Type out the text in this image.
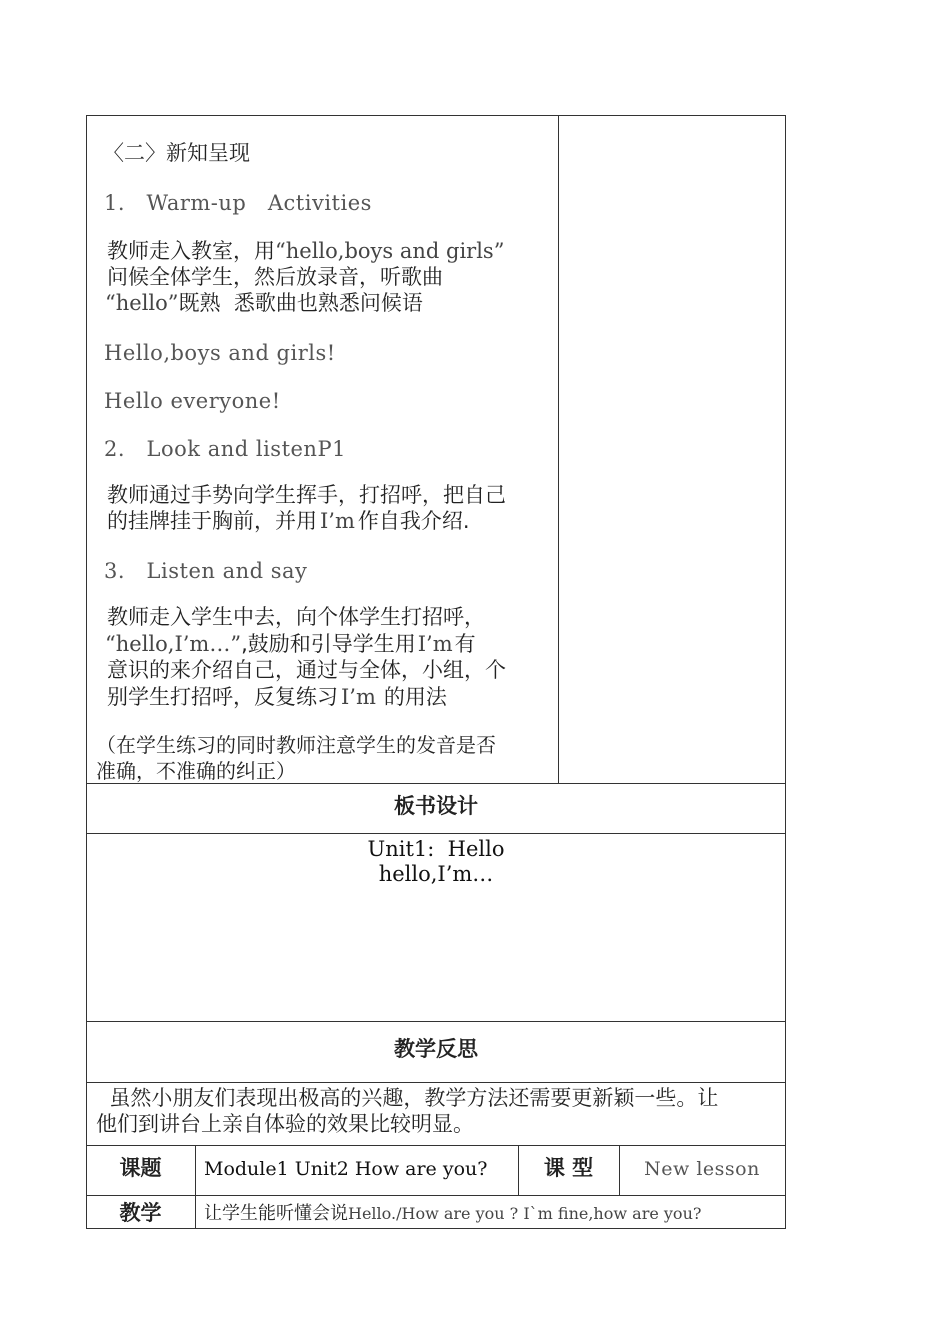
〈二〉新知呈现
1.   Warm-up   Activities
教师走入教室，用“hello,boys and girls”
问候全体学生，然后放录音，听歌曲
“hello”既熟  悉歌曲也熟悉问候语
Hello,boys and girls!
Hello everyone!
2.   Look and listenP1
教师通过手势向学生挥手，打招呼，把自己
的挂牌挂于胸前，并用 I’m 作自我介绍.
3.   Listen and say
教师走入学生中去，向个体学生打招呼，
“hello,I’m…”,鼓励和引导学生用I’m有
意识的来介绍自己，通过与全体，小组，个
别学生打招呼，反复练习 I’m 的用法
（在学生练习的同时教师注意学生的发音是否
准确，不准确的纠正）
板书设计
Unit1:  Hello
hello,I’m…
教学反思
虽然小朋友们表现出极高的兴趣，教学方法还需要更新颖一些。让
他们到讲台上亲自体验的效果比较明显。
课题	Module1 Unit2 How are you?	课 型	New lesson
教学	让学生能听懂会说Hello./How are you ? I`m fine,how are you?
